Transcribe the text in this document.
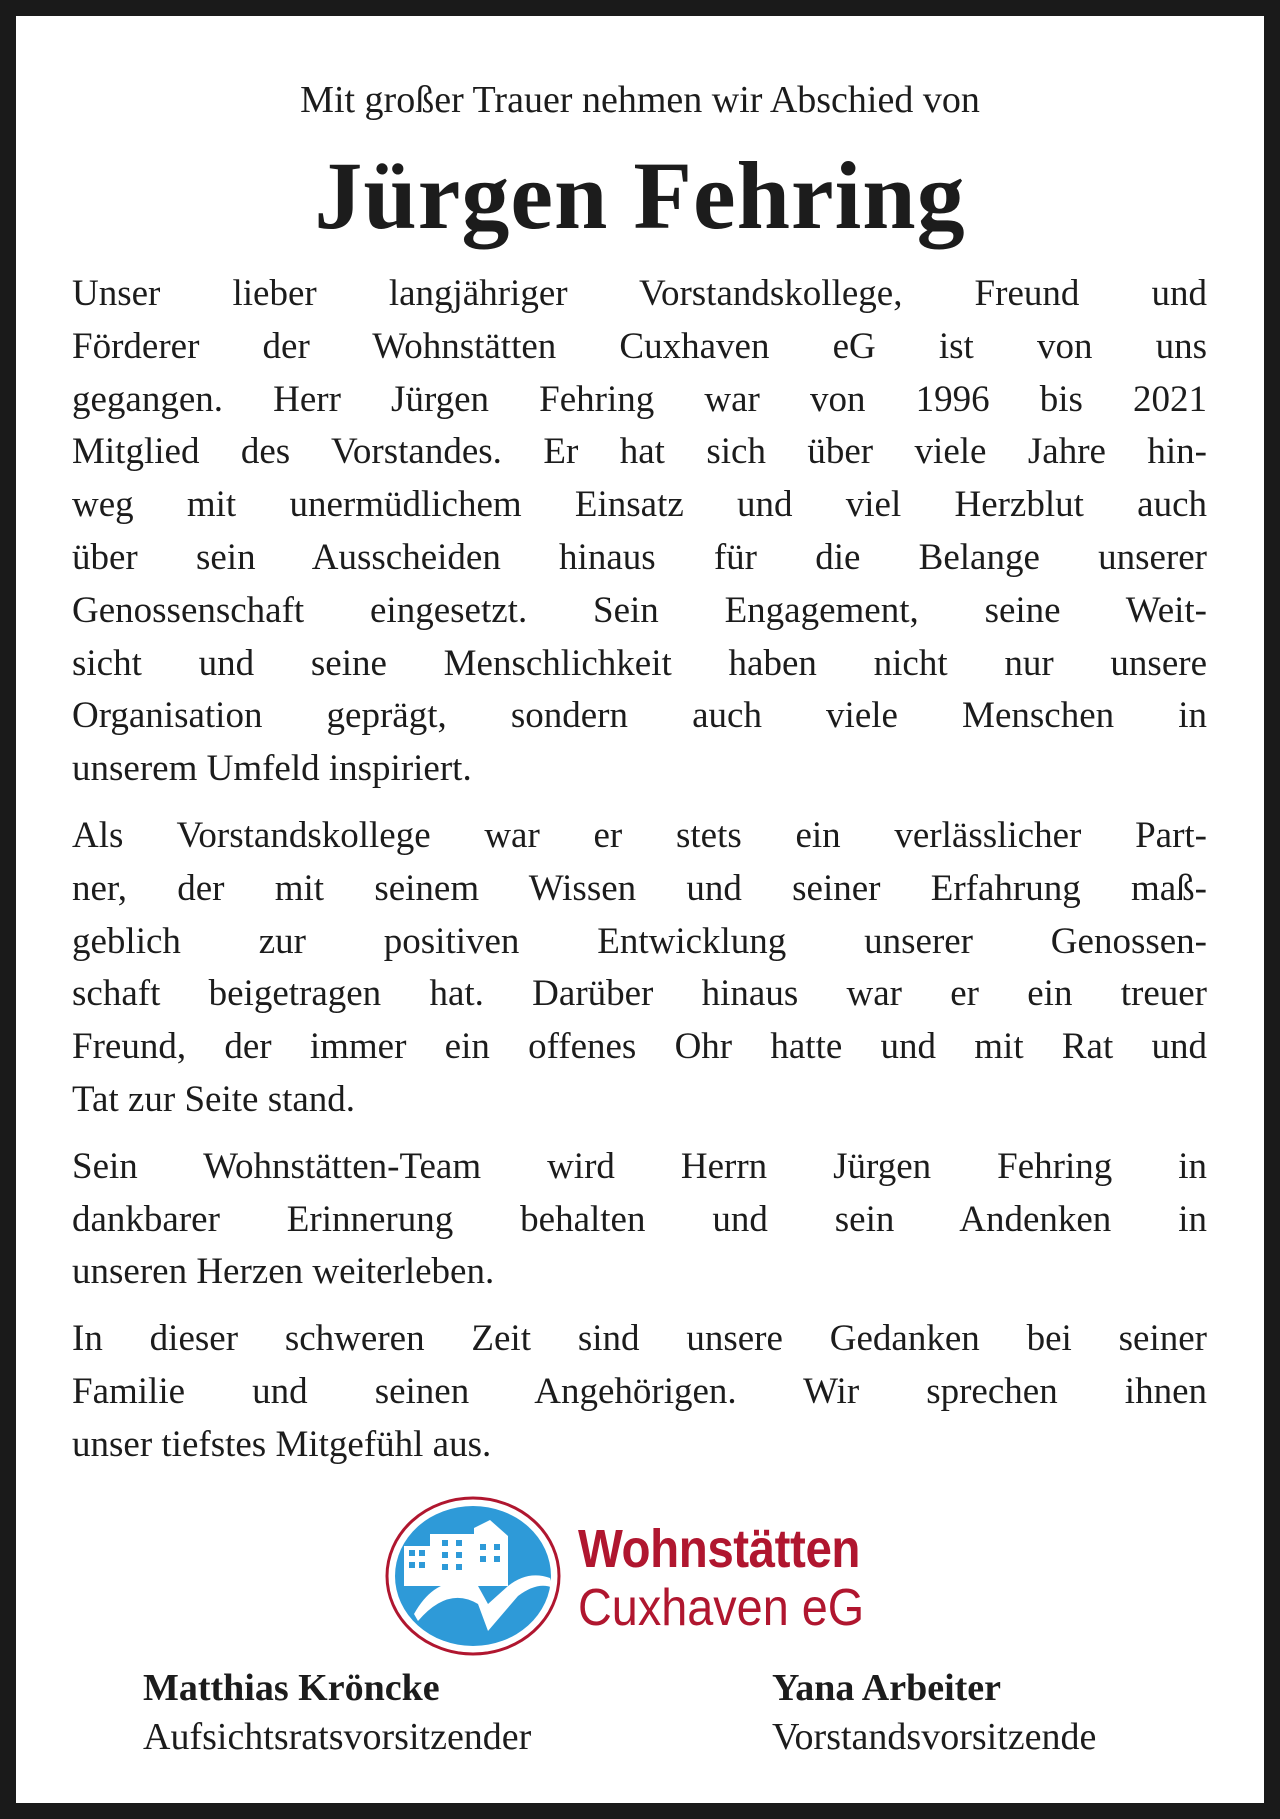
Mit großer Trauer nehmen wir Abschied von
Jürgen Fehring
Unser lieber langjähriger Vorstandskollege, Freund und
Förderer der Wohnstätten Cuxhaven eG ist von uns
gegangen. Herr Jürgen Fehring war von 1996 bis 2021
Mitglied des Vorstandes. Er hat sich über viele Jahre hin-
weg mit unermüdlichem Einsatz und viel Herzblut auch
über sein Ausscheiden hinaus für die Belange unserer
Genossenschaft eingesetzt. Sein Engagement, seine Weit-
sicht und seine Menschlichkeit haben nicht nur unsere
Organisation geprägt, sondern auch viele Menschen in
unserem Umfeld inspiriert.
Als Vorstandskollege war er stets ein verlässlicher Part-
ner, der mit seinem Wissen und seiner Erfahrung maß-
geblich zur positiven Entwicklung unserer Genossen-
schaft beigetragen hat. Darüber hinaus war er ein treuer
Freund, der immer ein offenes Ohr hatte und mit Rat und
Tat zur Seite stand.
Sein Wohnstätten-Team wird Herrn Jürgen Fehring in
dankbarer Erinnerung behalten und sein Andenken in
unseren Herzen weiterleben.
In dieser schweren Zeit sind unsere Gedanken bei seiner
Familie und seinen Angehörigen. Wir sprechen ihnen
unser tiefstes Mitgefühl aus.
Wohnstätten
Cuxhaven eG
Matthias Kröncke
Aufsichtsratsvorsitzender
Yana Arbeiter
Vorstandsvorsitzende
